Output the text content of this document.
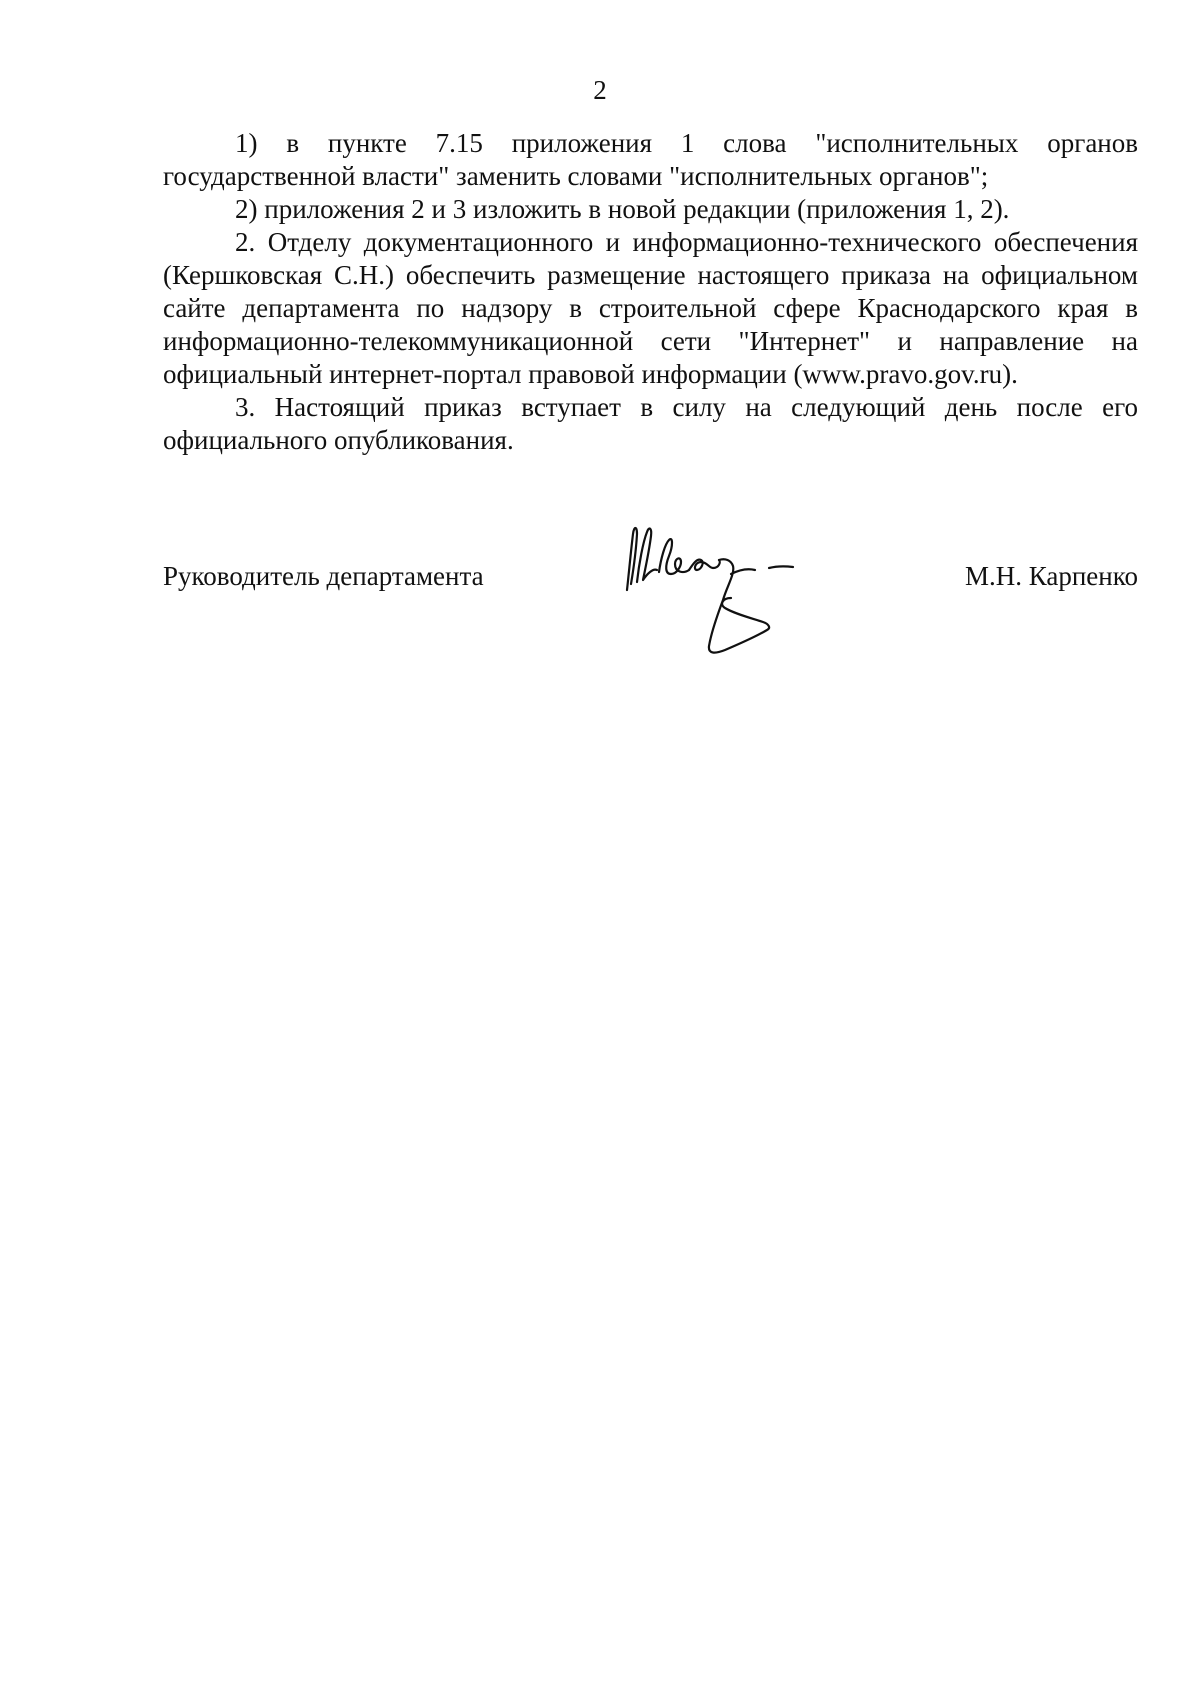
2

1) в пункте 7.15 приложения 1 слова "исполнительных органов государственной власти" заменить словами "исполнительных органов";

2) приложения 2 и 3 изложить в новой редакции (приложения 1, 2).

2. Отделу документационного и информационно-технического обеспечения (Кершковская С.Н.) обеспечить размещение настоящего приказа на официальном сайте департамента по надзору в строительной сфере Краснодарского края в информационно-телекоммуникационной сети "Интернет" и направление на официальный интернет-портал правовой информации (www.pravo.gov.ru).

3. Настоящий приказ вступает в силу на следующий день после его официального опубликования.

Руководитель департамента	М.Н. Карпенко
